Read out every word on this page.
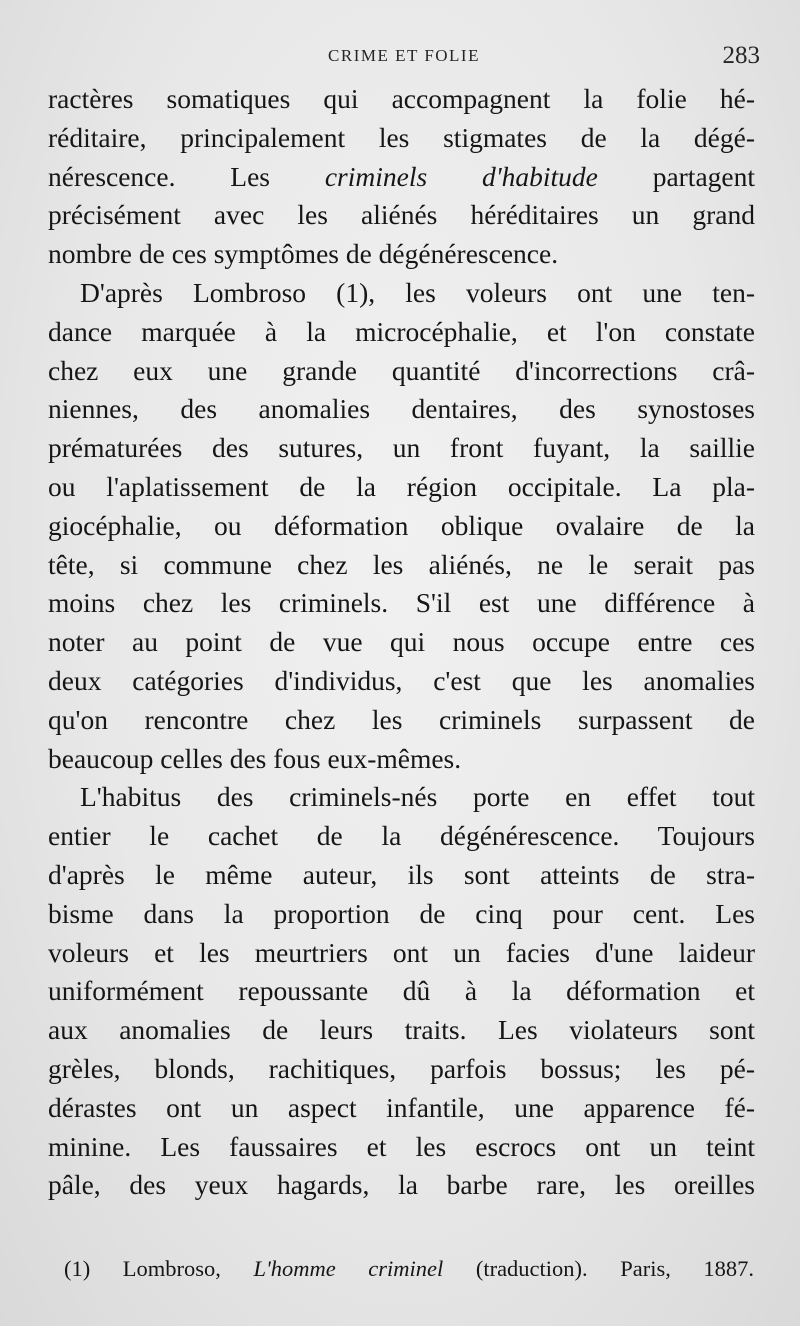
CRIME ET FOLIE	283
ractères somatiques qui accompagnent la folie hé-
réditaire, principalement les stigmates de la dégé-
nérescence. Les criminels d'habitude partagent
précisément avec les aliénés héréditaires un grand
nombre de ces symptômes de dégénérescence.
D'après Lombroso (1), les voleurs ont une ten-
dance marquée à la microcéphalie, et l'on constate
chez eux une grande quantité d'incorrections crâ-
niennes, des anomalies dentaires, des synostoses
prématurées des sutures, un front fuyant, la saillie
ou l'aplatissement de la région occipitale. La pla-
giocéphalie, ou déformation oblique ovalaire de la
tête, si commune chez les aliénés, ne le serait pas
moins chez les criminels. S'il est une différence à
noter au point de vue qui nous occupe entre ces
deux catégories d'individus, c'est que les anomalies
qu'on rencontre chez les criminels surpassent de
beaucoup celles des fous eux-mêmes.
L'habitus des criminels-nés porte en effet tout
entier le cachet de la dégénérescence. Toujours
d'après le même auteur, ils sont atteints de stra-
bisme dans la proportion de cinq pour cent. Les
voleurs et les meurtriers ont un facies d'une laideur
uniformément repoussante dû à la déformation et
aux anomalies de leurs traits. Les violateurs sont
grèles, blonds, rachitiques, parfois bossus; les pé-
dérastes ont un aspect infantile, une apparence fé-
minine. Les faussaires et les escrocs ont un teint
pâle, des yeux hagards, la barbe rare, les oreilles
(1) Lombroso, L'homme criminel (traduction). Paris, 1887.
